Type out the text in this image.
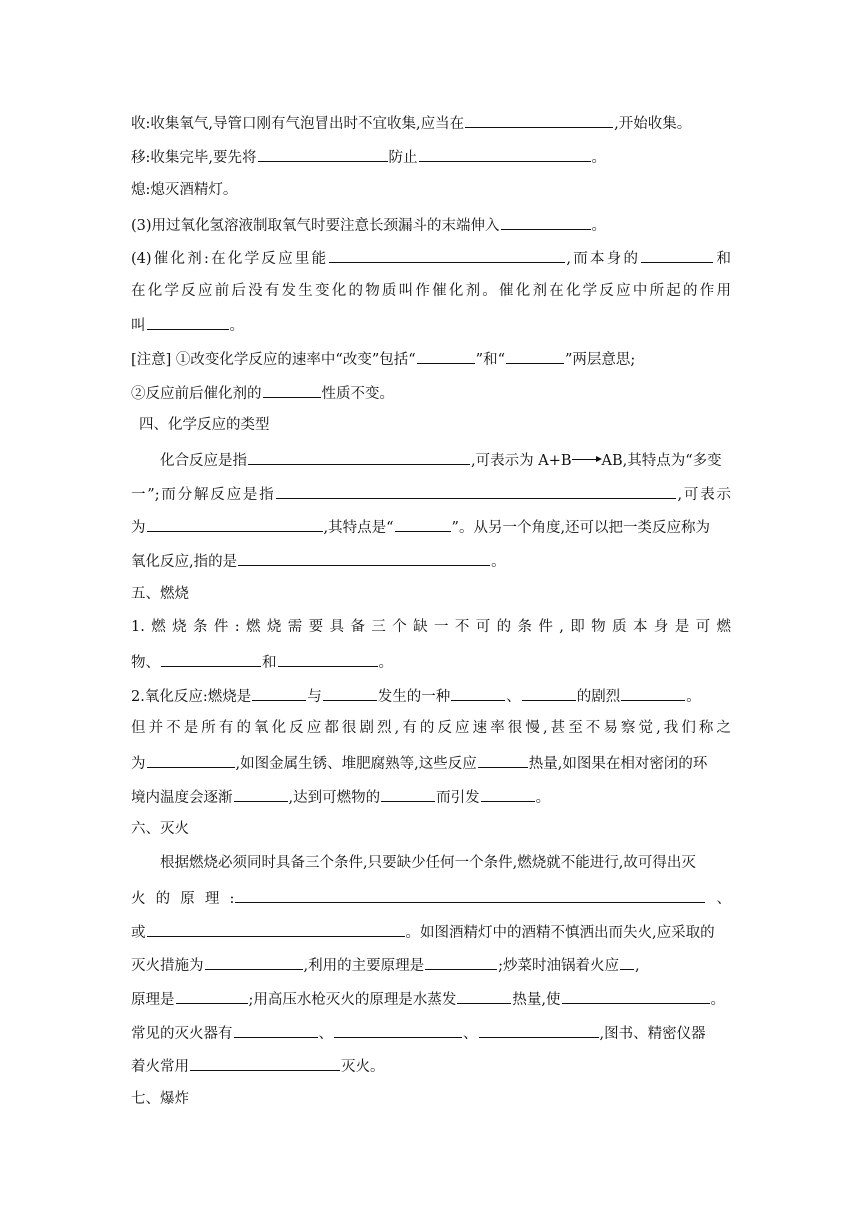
收:收集氧气,导管口刚有气泡冒出时不宜收集,应当在	,开始收集。
移:收集完毕,要先将	防止	。
熄:熄灭酒精灯。
(3)用过氧化氢溶液制取氧气时要注意长颈漏斗的末端伸入	。
(4)催化剂:在化学反应里能	,而本身的	和
在化学反应前后没有发生变化的物质叫作催化剂。催化剂在化学反应中所起的作用
叫	。
[注意] ①改变化学反应的速率中“改变”包括“	”和“	”两层意思;
②反应前后催化剂的	性质不变。
四、化学反应的类型
化合反应是指	,可表示为 A+B AB,其特点为“多变
一”;而分解反应是指	,可表示
为	,其特点是“	”。从另一个角度,还可以把一类反应称为
氧化反应,指的是	。
五、燃烧
1.燃烧条件:燃烧需要具备三个缺一不可的条件,即物质本身是可燃
物、	和	。
2.氧化反应:燃烧是	与	发生的一种	、	的剧烈	。
但并不是所有的氧化反应都很剧烈,有的反应速率很慢,甚至不易察觉,我们称之
为	,如图金属生锈、堆肥腐熟等,这些反应	热量,如图果在相对密闭的环
境内温度会逐渐	,达到可燃物的	而引发	。
六、灭火
根据燃烧必须同时具备三个条件,只要缺少任何一个条件,燃烧就不能进行,故可得出灭
火的原理:	、
或	。如图酒精灯中的酒精不慎洒出而失火,应采取的
灭火措施为	,利用的主要原理是	;炒菜时油锅着火应 ,
原理是	;用高压水枪灭火的原理是水蒸发	热量,使	。
常见的灭火器有	、	、	,图书、精密仪器
着火常用	灭火。
七、爆炸
